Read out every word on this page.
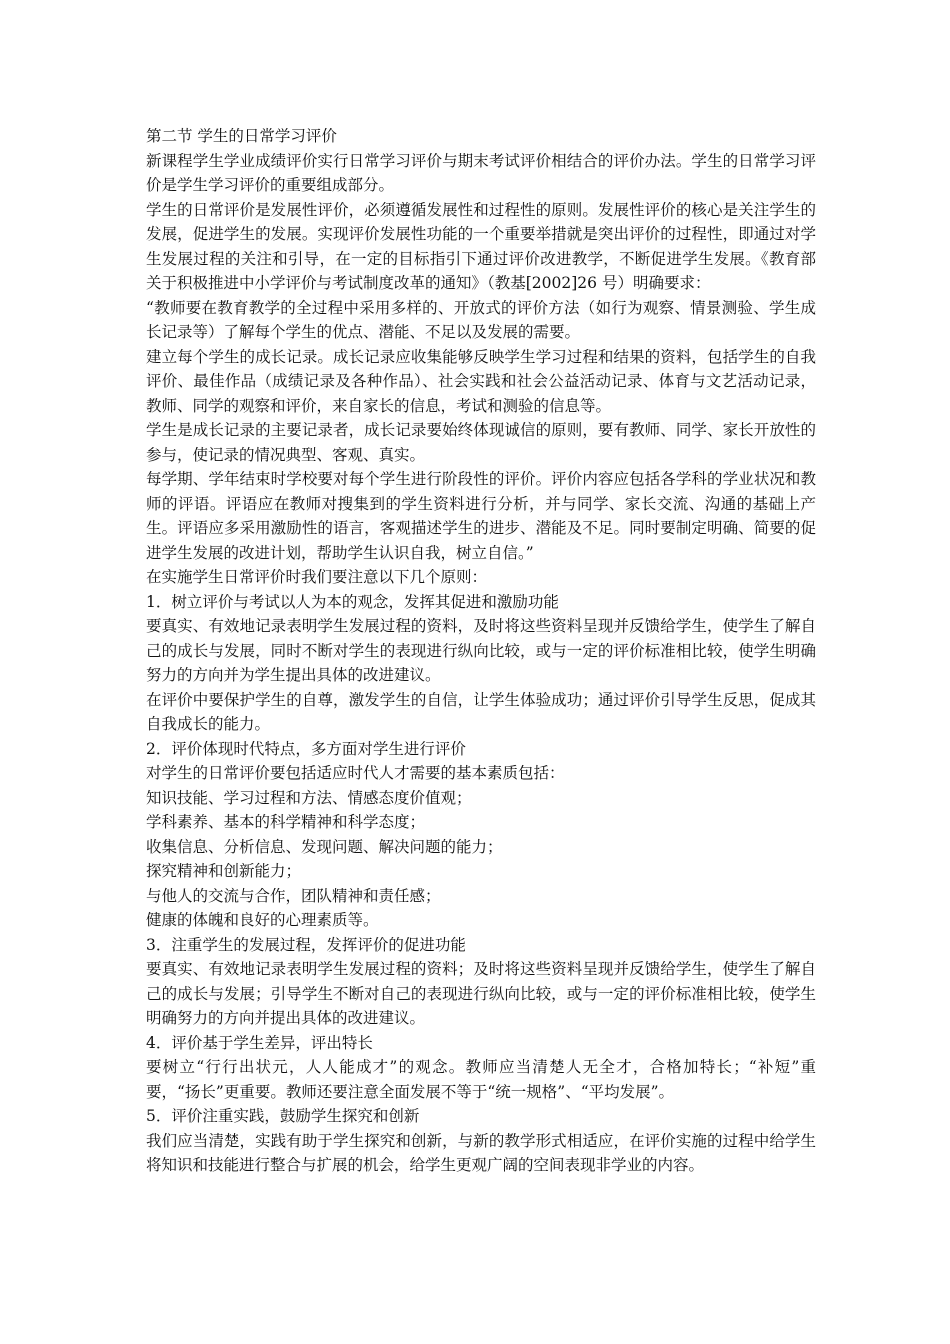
第二节 学生的日常学习评价

新课程学生学业成绩评价实行日常学习评价与期末考试评价相结合的评价办法。学生的日常学习评价是学生学习评价的重要组成部分。

学生的日常评价是发展性评价，必须遵循发展性和过程性的原则。发展性评价的核心是关注学生的发展，促进学生的发展。实现评价发展性功能的一个重要举措就是突出评价的过程性，即通过对学生发展过程的关注和引导，在一定的目标指引下通过评价改进教学，不断促进学生发展。《教育部关于积极推进中小学评价与考试制度改革的通知》（教基[2002]26 号）明确要求：

“教师要在教育教学的全过程中采用多样的、开放式的评价方法（如行为观察、情景测验、学生成长记录等）了解每个学生的优点、潜能、不足以及发展的需要。

建立每个学生的成长记录。成长记录应收集能够反映学生学习过程和结果的资料，包括学生的自我评价、最佳作品（成绩记录及各种作品）、社会实践和社会公益活动记录、体育与文艺活动记录，教师、同学的观察和评价，来自家长的信息，考试和测验的信息等。

学生是成长记录的主要记录者，成长记录要始终体现诚信的原则，要有教师、同学、家长开放性的参与，使记录的情况典型、客观、真实。

每学期、学年结束时学校要对每个学生进行阶段性的评价。评价内容应包括各学科的学业状况和教师的评语。评语应在教师对搜集到的学生资料进行分析，并与同学、家长交流、沟通的基础上产生。评语应多采用激励性的语言，客观描述学生的进步、潜能及不足。同时要制定明确、简要的促进学生发展的改进计划，帮助学生认识自我，树立自信。”

在实施学生日常评价时我们要注意以下几个原则：

1．树立评价与考试以人为本的观念，发挥其促进和激励功能

要真实、有效地记录表明学生发展过程的资料，及时将这些资料呈现并反馈给学生，使学生了解自己的成长与发展，同时不断对学生的表现进行纵向比较，或与一定的评价标准相比较，使学生明确努力的方向并为学生提出具体的改进建议。

在评价中要保护学生的自尊，激发学生的自信，让学生体验成功；通过评价引导学生反思，促成其自我成长的能力。

2．评价体现时代特点，多方面对学生进行评价

对学生的日常评价要包括适应时代人才需要的基本素质包括：

知识技能、学习过程和方法、情感态度价值观；

学科素养、基本的科学精神和科学态度；

收集信息、分析信息、发现问题、解决问题的能力；

探究精神和创新能力；

与他人的交流与合作，团队精神和责任感；

健康的体魄和良好的心理素质等。

3．注重学生的发展过程，发挥评价的促进功能

要真实、有效地记录表明学生发展过程的资料；及时将这些资料呈现并反馈给学生，使学生了解自己的成长与发展；引导学生不断对自己的表现进行纵向比较，或与一定的评价标准相比较，使学生明确努力的方向并提出具体的改进建议。

4．评价基于学生差异，评出特长

要树立“行行出状元，人人能成才”的观念。教师应当清楚人无全才，合格加特长；“补短”重要，“扬长”更重要。教师还要注意全面发展不等于“统一规格”、“平均发展”。

5．评价注重实践，鼓励学生探究和创新

我们应当清楚，实践有助于学生探究和创新，与新的教学形式相适应，在评价实施的过程中给学生将知识和技能进行整合与扩展的机会，给学生更观广阔的空间表现非学业的内容。
